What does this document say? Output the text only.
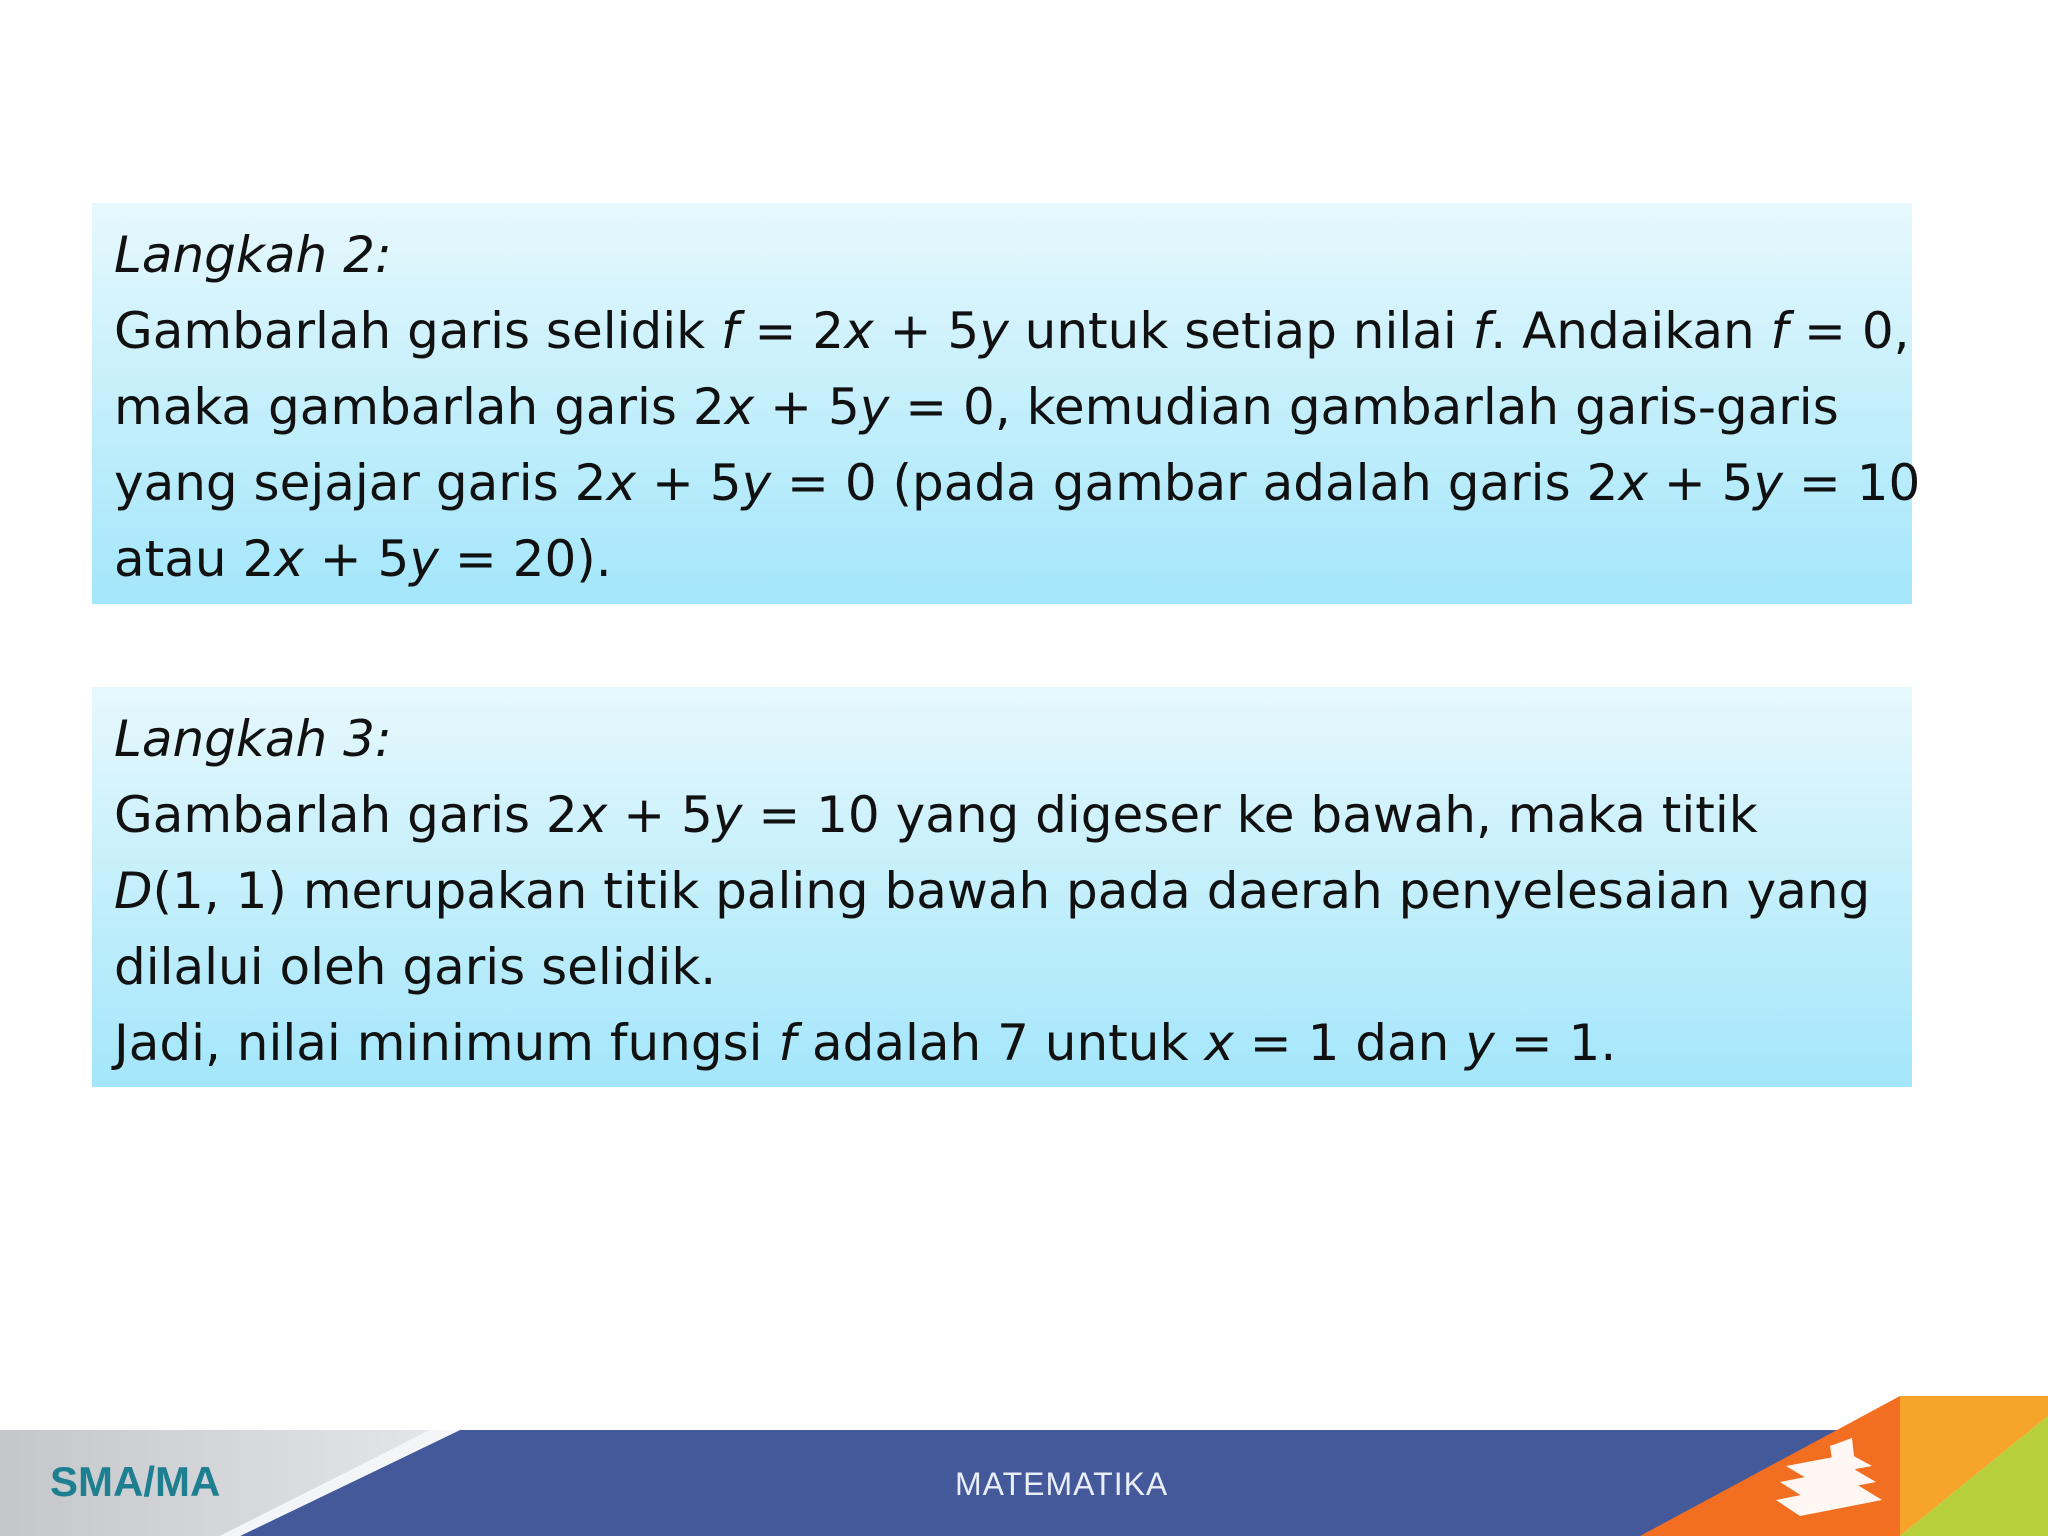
Langkah 2:
Gambarlah garis selidik f = 2x + 5y untuk setiap nilai f. Andaikan f = 0,
maka gambarlah garis 2x + 5y = 0, kemudian gambarlah garis-garis
yang sejajar garis 2x + 5y = 0 (pada gambar adalah garis 2x + 5y = 10
atau 2x + 5y = 20).
Langkah 3:
Gambarlah garis 2x + 5y = 10 yang digeser ke bawah, maka titik
D(1, 1) merupakan titik paling bawah pada daerah penyelesaian yang
dilalui oleh garis selidik.
Jadi, nilai minimum fungsi f adalah 7 untuk x = 1 dan y = 1.
SMA/MA	MATEMATIKA
